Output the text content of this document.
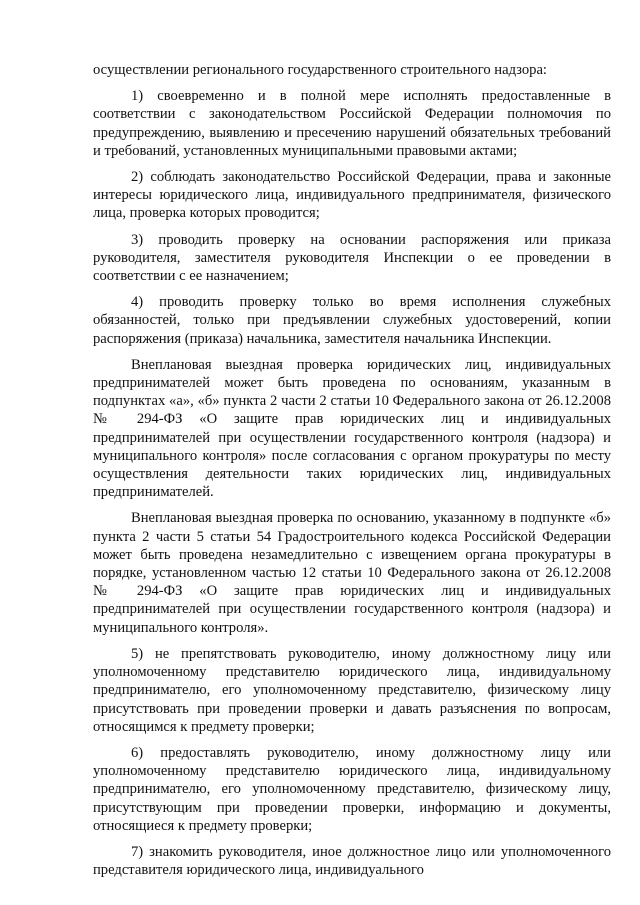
осуществлении регионального государственного строительного надзора:

1) своевременно и в полной мере исполнять предоставленные в соответствии с законодательством Российской Федерации полномочия по предупреждению, выявлению и пресечению нарушений обязательных требований и требований, установленных муниципальными правовыми актами;

2) соблюдать законодательство Российской Федерации, права и законные интересы юридического лица, индивидуального предпринимателя, физического лица, проверка которых проводится;

3) проводить проверку на основании распоряжения или приказа руководителя, заместителя руководителя Инспекции о ее проведении в соответствии с ее назначением;

4) проводить проверку только во время исполнения служебных обязанностей, только при предъявлении служебных удостоверений, копии распоряжения (приказа) начальника, заместителя начальника Инспекции.

Внеплановая выездная проверка юридических лиц, индивидуальных предпринимателей может быть проведена по основаниям, указанным в подпунктах «а», «б» пункта 2 части 2 статьи 10 Федерального закона от 26.12.2008 № 294-ФЗ «О защите прав юридических лиц и индивидуальных предпринимателей при осуществлении государственного контроля (надзора) и муниципального контроля» после согласования с органом прокуратуры по месту осуществления деятельности таких юридических лиц, индивидуальных предпринимателей.

Внеплановая выездная проверка по основанию, указанному в подпункте «б» пункта 2 части 5 статьи 54 Градостроительного кодекса Российской Федерации может быть проведена незамедлительно с извещением органа прокуратуры в порядке, установленном частью 12 статьи 10 Федерального закона от 26.12.2008 № 294-ФЗ «О защите прав юридических лиц и индивидуальных предпринимателей при осуществлении государственного контроля (надзора) и муниципального контроля».

5) не препятствовать руководителю, иному должностному лицу или уполномоченному представителю юридического лица, индивидуальному предпринимателю, его уполномоченному представителю, физическому лицу присутствовать при проведении проверки и давать разъяснения по вопросам, относящимся к предмету проверки;

6) предоставлять руководителю, иному должностному лицу или уполномоченному представителю юридического лица, индивидуальному предпринимателю, его уполномоченному представителю, физическому лицу, присутствующим при проведении проверки, информацию и документы, относящиеся к предмету проверки;

7) знакомить руководителя, иное должностное лицо или уполномоченного представителя юридического лица, индивидуального
